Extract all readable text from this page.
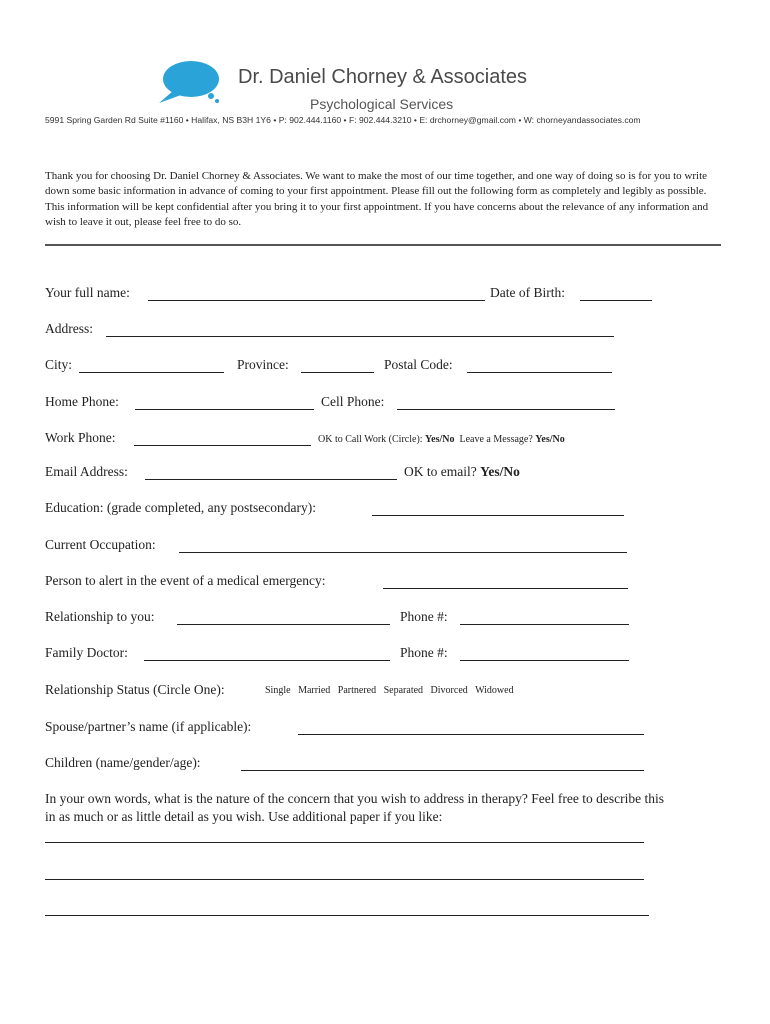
Dr. Daniel Chorney & Associates
Psychological Services
5991 Spring Garden Rd Suite #1160 • Halifax, NS B3H 1Y6 • P: 902.444.1160 • F: 902.444.3210 • E: drchorney@gmail.com • W: chorneyandassociates.com
Thank you for choosing Dr. Daniel Chorney & Associates. We want to make the most of our time together, and one way of doing so is for you to write down some basic information in advance of coming to your first appointment. Please fill out the following form as completely and legibly as possible. This information will be kept confidential after you bring it to your first appointment. If you have concerns about the relevance of any information and wish to leave it out, please feel free to do so.
Your full name:	Date of Birth:
Address:
City:	Province:	Postal Code:
Home Phone:	Cell Phone:
Work Phone:	OK to Call Work (Circle): Yes/No Leave a Message? Yes/No
Email Address:	OK to email? Yes/No
Education: (grade completed, any postsecondary):
Current Occupation:
Person to alert in the event of a medical emergency:
Relationship to you:	Phone #:
Family Doctor:	Phone #:
Relationship Status (Circle One):	Single Married Partnered Separated Divorced Widowed
Spouse/partner’s name (if applicable):
Children (name/gender/age):
In your own words, what is the nature of the concern that you wish to address in therapy? Feel free to describe this in as much or as little detail as you wish. Use additional paper if you like:
